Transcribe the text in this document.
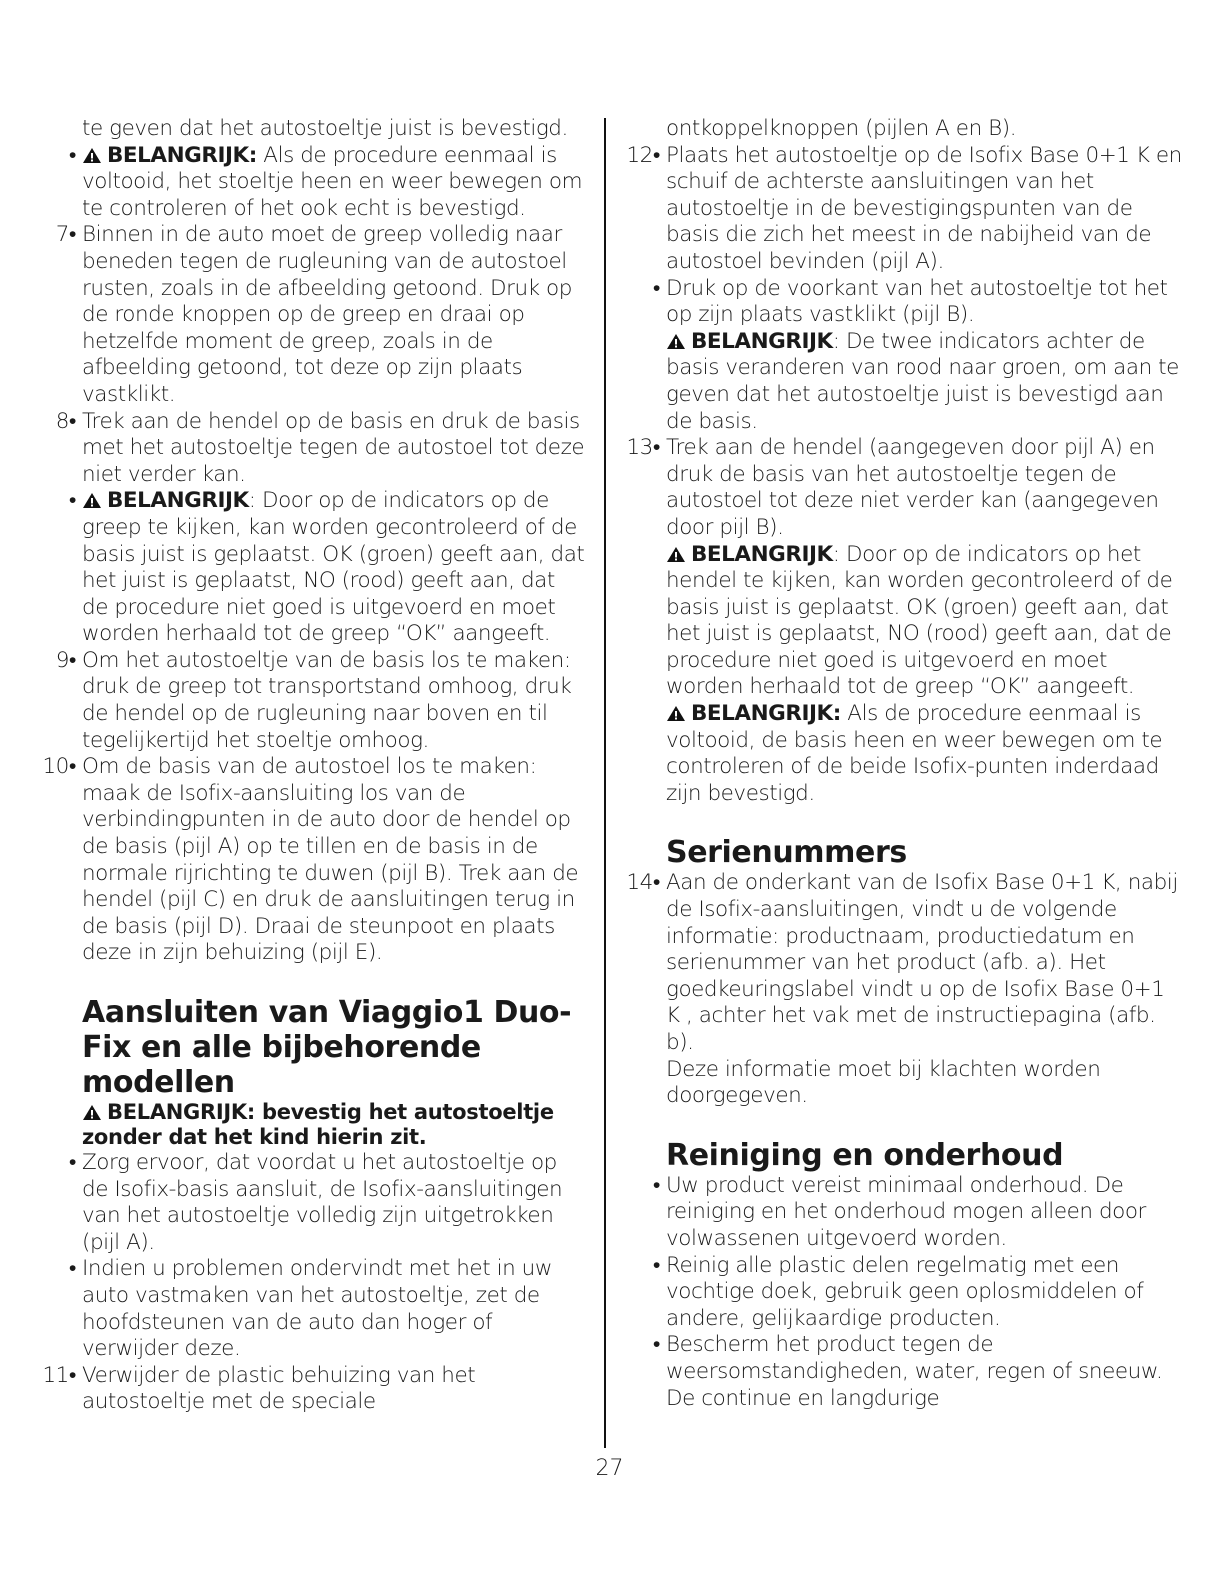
te geven dat het autostoeltje juist is bevestigd.

• BELANGRIJK: Als de procedure eenmaal is voltooid, het stoeltje heen en weer bewegen om te controleren of het ook echt is bevestigd.

7• Binnen in de auto moet de greep volledig naar beneden tegen de rugleuning van de autostoel rusten, zoals in de afbeelding getoond. Druk op de ronde knoppen op de greep en draai op hetzelfde moment de greep, zoals in de afbeelding getoond, tot deze op zijn plaats vastklikt.

8• Trek aan de hendel op de basis en druk de basis met het autostoeltje tegen de autostoel tot deze niet verder kan.

• BELANGRIJK: Door op de indicators op de greep te kijken, kan worden gecontroleerd of de basis juist is geplaatst. OK (groen) geeft aan, dat het juist is geplaatst, NO (rood) geeft aan, dat de procedure niet goed is uitgevoerd en moet worden herhaald tot de greep “OK” aangeeft.

9• Om het autostoeltje van de basis los te maken: druk de greep tot transportstand omhoog, druk de hendel op de rugleuning naar boven en til tegelijkertijd het stoeltje omhoog.

10• Om de basis van de autostoel los te maken: maak de Isofix-aansluiting los van de verbindingpunten in de auto door de hendel op de basis (pijl A) op te tillen en de basis in de normale rijrichting te duwen (pijl B). Trek aan de hendel (pijl C) en druk de aansluitingen terug in de basis (pijl D). Draai de steunpoot en plaats deze in zijn behuizing (pijl E).

Aansluiten van Viaggio1 Duo-Fix en alle bijbehorende modellen

BELANGRIJK: bevestig het autostoeltje zonder dat het kind hierin zit.

• Zorg ervoor, dat voordat u het autostoeltje op de Isofix-basis aansluit, de Isofix-aansluitingen van het autostoeltje volledig zijn uitgetrokken (pijl A).

• Indien u problemen ondervindt met het in uw auto vastmaken van het autostoeltje, zet de hoofdsteunen van de auto dan hoger of verwijder deze.

11• Verwijder de plastic behuizing van het autostoeltje met de speciale

ontkoppelknoppen (pijlen A en B).

12• Plaats het autostoeltje op de Isofix Base 0+1 K en schuif de achterste aansluitingen van het autostoeltje in de bevestigingspunten van de basis die zich het meest in de nabijheid van de autostoel bevinden (pijl A).

• Druk op de voorkant van het autostoeltje tot het op zijn plaats vastklikt (pijl B).

BELANGRIJK: De twee indicators achter de basis veranderen van rood naar groen, om aan te geven dat het autostoeltje juist is bevestigd aan de basis.

13• Trek aan de hendel (aangegeven door pijl A) en druk de basis van het autostoeltje tegen de autostoel tot deze niet verder kan (aangegeven door pijl B).

BELANGRIJK: Door op de indicators op het hendel te kijken, kan worden gecontroleerd of de basis juist is geplaatst. OK (groen) geeft aan, dat het juist is geplaatst, NO (rood) geeft aan, dat de procedure niet goed is uitgevoerd en moet worden herhaald tot de greep “OK” aangeeft.

BELANGRIJK: Als de procedure eenmaal is voltooid, de basis heen en weer bewegen om te controleren of de beide Isofix-punten inderdaad zijn bevestigd.

Serienummers

14• Aan de onderkant van de Isofix Base 0+1 K, nabij de Isofix-aansluitingen, vindt u de volgende informatie: productnaam, productiedatum en serienummer van het product (afb. a). Het goedkeuringslabel vindt u op de Isofix Base 0+1 K , achter het vak met de instructiepagina (afb. b).

Deze informatie moet bij klachten worden doorgegeven.

Reiniging en onderhoud

• Uw product vereist minimaal onderhoud. De reiniging en het onderhoud mogen alleen door volwassenen uitgevoerd worden.

• Reinig alle plastic delen regelmatig met een vochtige doek, gebruik geen oplosmiddelen of andere, gelijkaardige producten.

• Bescherm het product tegen de weersomstandigheden, water, regen of sneeuw. De continue en langdurige

27
